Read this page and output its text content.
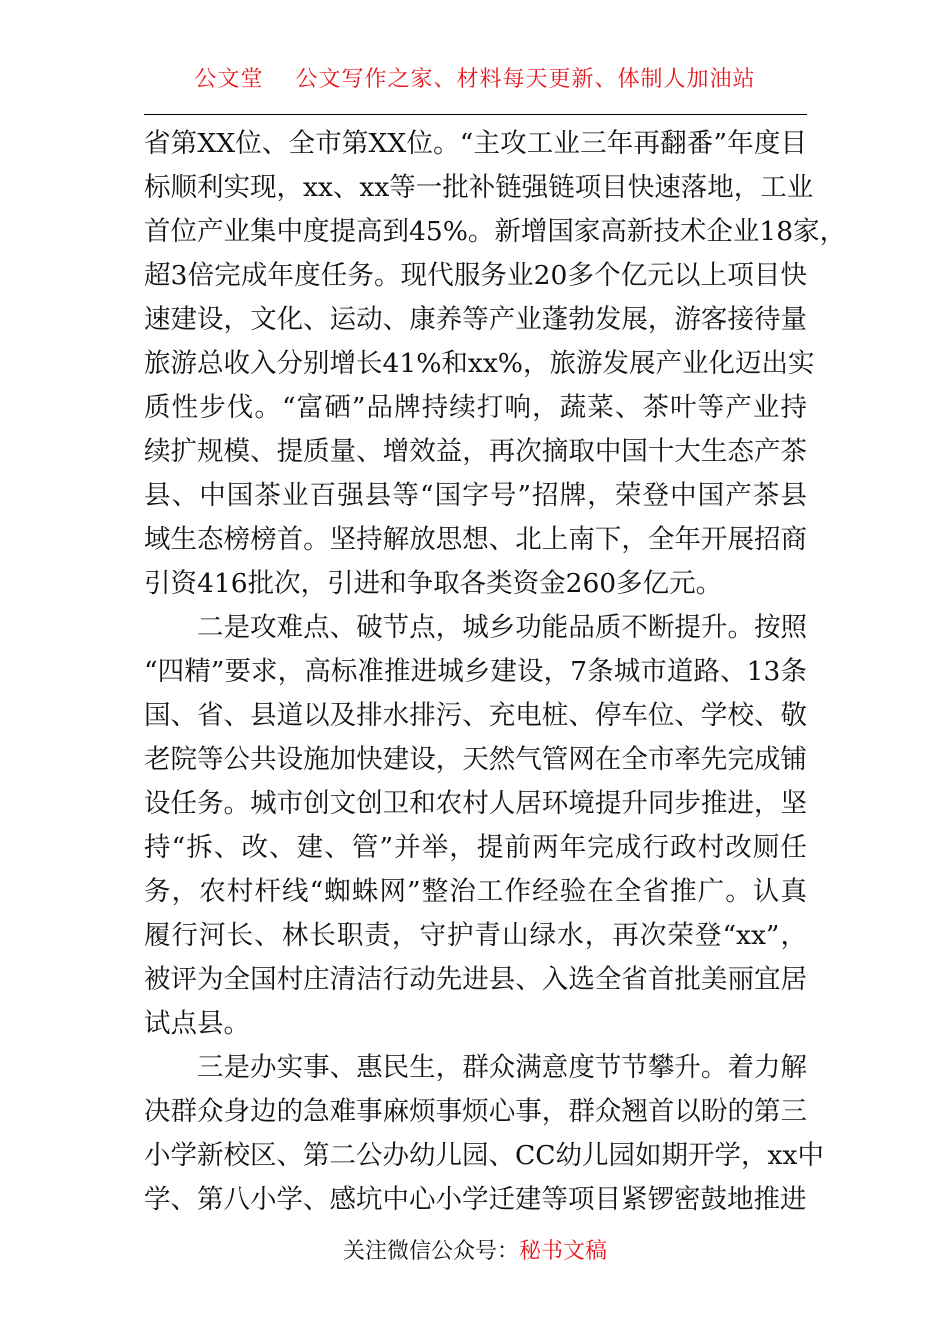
公文堂    公文写作之家、材料每天更新、体制人加油站
省第XX位、全市第XX位。“主攻工业三年再翻番”年度目
标顺利实现，xx、xx等一批补链强链项目快速落地，工业
首位产业集中度提高到45%。新增国家高新技术企业18家，
超3倍完成年度任务。现代服务业20多个亿元以上项目快
速建设，文化、运动、康养等产业蓬勃发展，游客接待量
旅游总收入分别增长41%和xx%，旅游发展产业化迈出实
质性步伐。“富硒”品牌持续打响，蔬菜、茶叶等产业持
续扩规模、提质量、增效益，再次摘取中国十大生态产茶
县、中国茶业百强县等“国字号”招牌，荣登中国产茶县
域生态榜榜首。坚持解放思想、北上南下，全年开展招商
引资416批次，引进和争取各类资金260多亿元。
二是攻难点、破节点，城乡功能品质不断提升。按照
“四精”要求，高标准推进城乡建设，7条城市道路、13条
国、省、县道以及排水排污、充电桩、停车位、学校、敬
老院等公共设施加快建设，天然气管网在全市率先完成铺
设任务。城市创文创卫和农村人居环境提升同步推进，坚
持“拆、改、建、管”并举，提前两年完成行政村改厕任
务，农村杆线“蜘蛛网”整治工作经验在全省推广。认真
履行河长、林长职责，守护青山绿水，再次荣登“xx”，
被评为全国村庄清洁行动先进县、入选全省首批美丽宜居
试点县。
三是办实事、惠民生，群众满意度节节攀升。着力解
决群众身边的急难事麻烦事烦心事，群众翘首以盼的第三
小学新校区、第二公办幼儿园、CC幼儿园如期开学，xx中
学、第八小学、感坑中心小学迁建等项目紧锣密鼓地推进
关注微信公众号：秘书文稿
